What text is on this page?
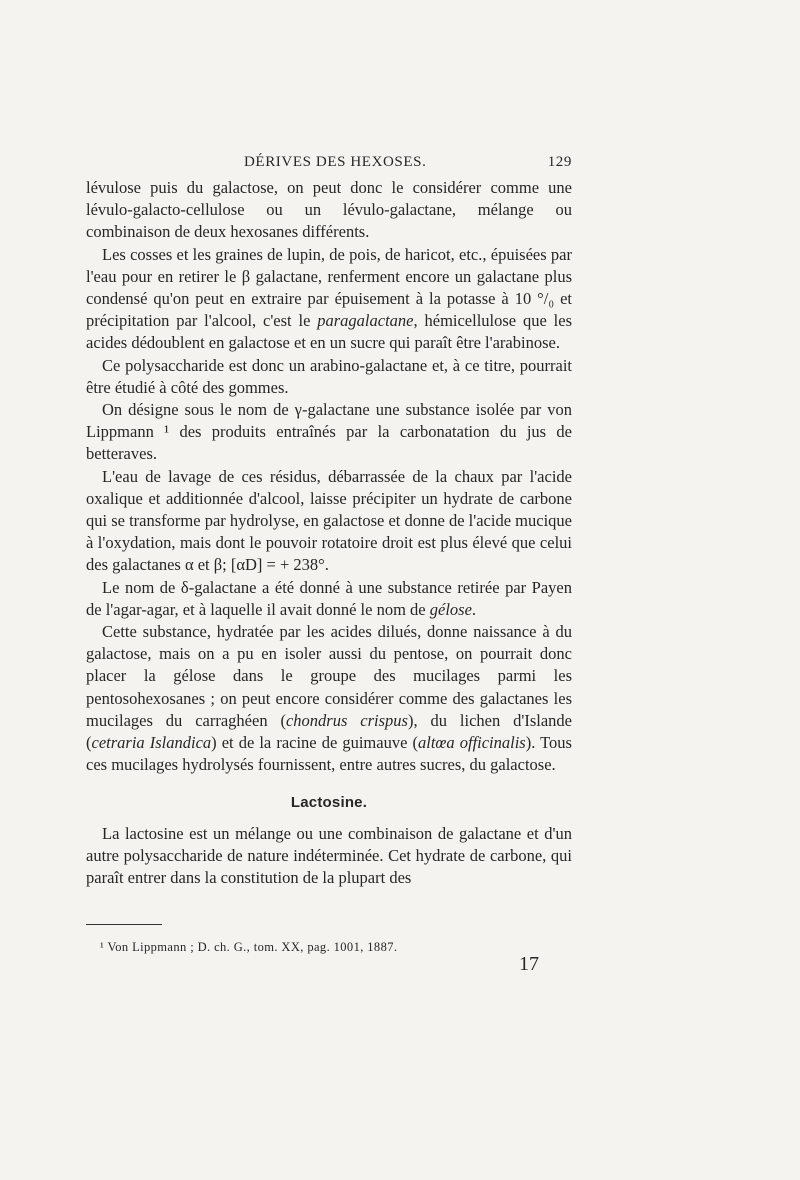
DÉRIVES DES HEXOSES.	129

lévulose puis du galactose, on peut donc le considérer comme une lévulo-galacto-cellulose ou un lévulo-galactane, mélange ou combinaison de deux hexosanes différents.

Les cosses et les graines de lupin, de pois, de haricot, etc., épuisées par l'eau pour en retirer le β galactane, renferment encore un galactane plus condensé qu'on peut en extraire par épuisement à la potasse à 10 °/₀ et précipitation par l'alcool, c'est le paragalactane, hémicellulose que les acides dédoublent en galactose et en un sucre qui paraît être l'arabinose.

Ce polysaccharide est donc un arabino-galactane et, à ce titre, pourrait être étudié à côté des gommes.

On désigne sous le nom de γ-galactane une substance isolée par von Lippmann ¹ des produits entraînés par la carbonatation du jus de betteraves.

L'eau de lavage de ces résidus, débarrassée de la chaux par l'acide oxalique et additionnée d'alcool, laisse précipiter un hydrate de carbone qui se transforme par hydrolyse, en galactose et donne de l'acide mucique à l'oxydation, mais dont le pouvoir rotatoire droit est plus élevé que celui des galactanes α et β; [αD] = + 238°.

Le nom de δ-galactane a été donné à une substance retirée par Payen de l'agar-agar, et à laquelle il avait donné le nom de gélose.

Cette substance, hydratée par les acides dilués, donne naissance à du galactose, mais on a pu en isoler aussi du pentose, on pourrait donc placer la gélose dans le groupe des mucilages parmi les pentosohexosanes ; on peut encore considérer comme des galactanes les mucilages du carraghéen (chondrus crispus), du lichen d'Islande (cetraria Islandica) et de la racine de guimauve (altœa officinalis). Tous ces mucilages hydrolysés fournissent, entre autres sucres, du galactose.

Lactosine.

La lactosine est un mélange ou une combinaison de galactane et d'un autre polysaccharide de nature indéterminée. Cet hydrate de carbone, qui paraît entrer dans la constitution de la plupart des

¹ Von Lippmann ; D. ch. G., tom. XX, pag. 1001, 1887.
17
